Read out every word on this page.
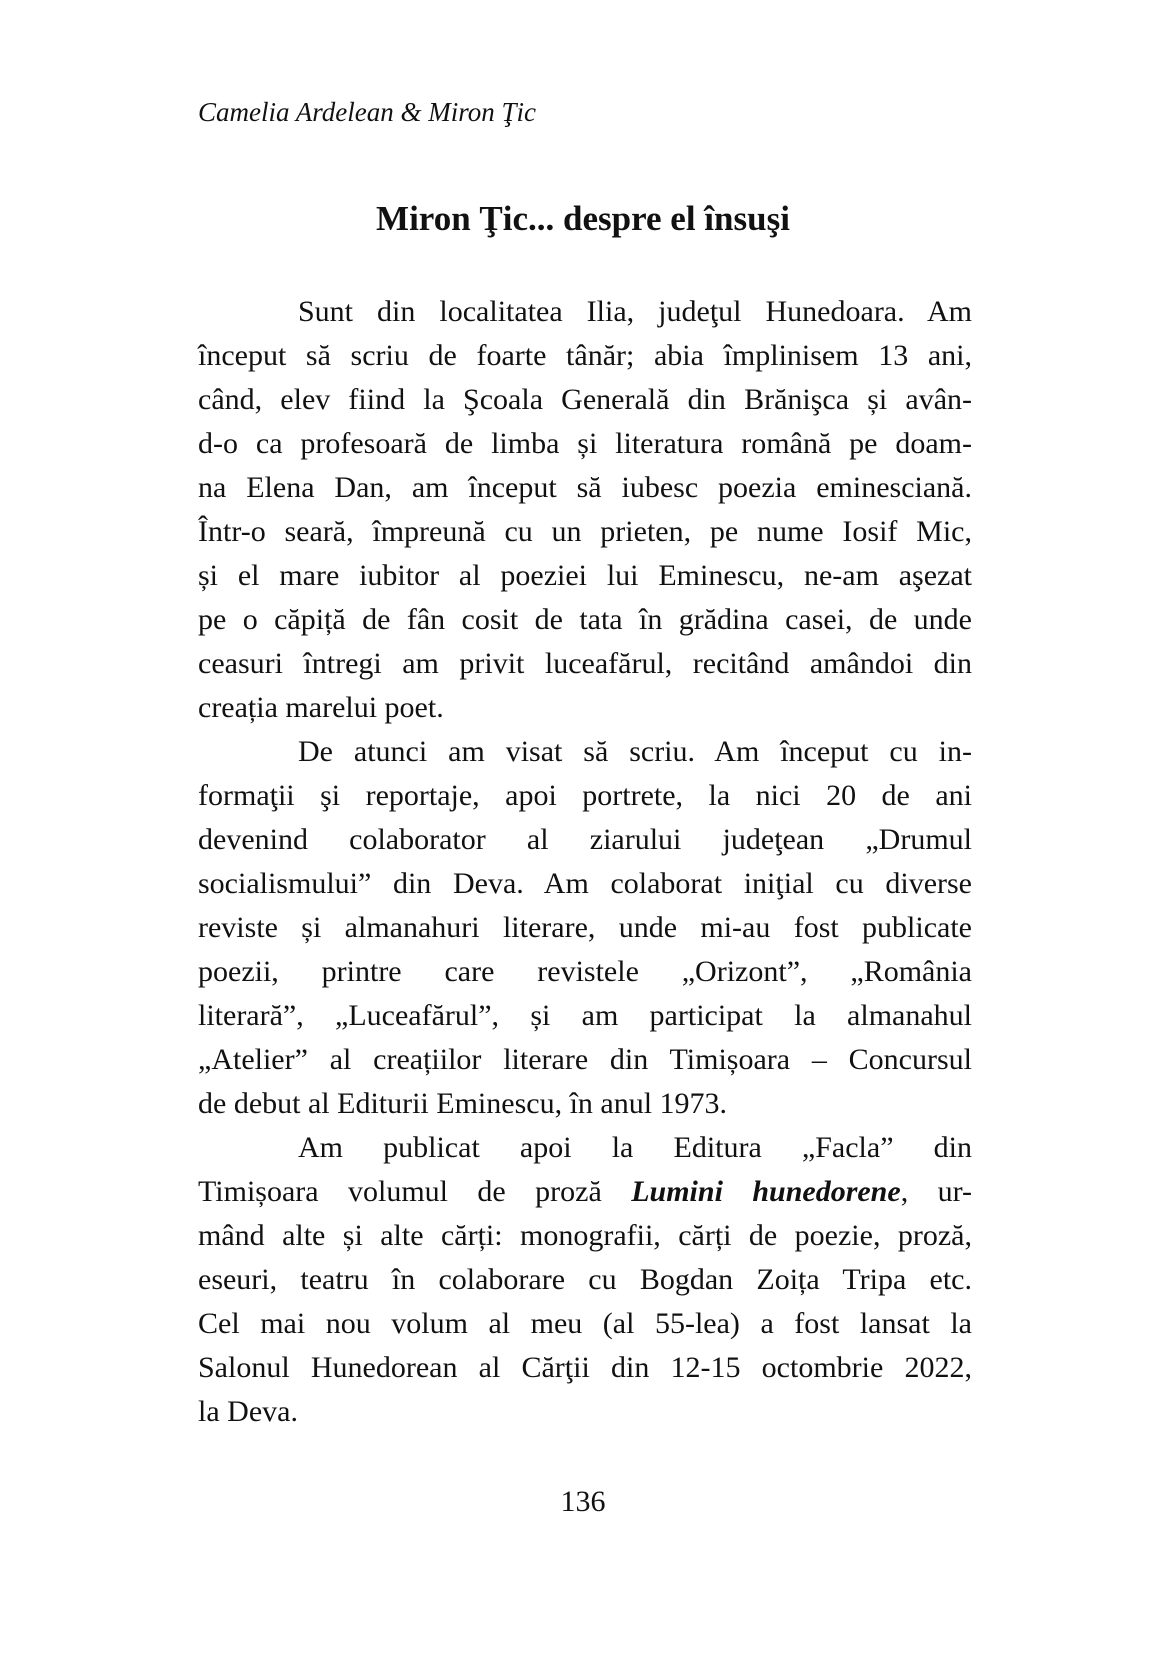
Camelia Ardelean & Miron Ţic
Miron Ţic... despre el însuşi
Sunt din localitatea Ilia, judeţul Hunedoara. Am
început să scriu de foarte tânăr; abia împlinisem 13 ani,
când, elev fiind la Şcoala Generală din Brănişca și avân-
d-o ca profesoară de limba și literatura română pe doam-
na Elena Dan, am început să iubesc poezia eminesciană.
Într-o seară, împreună cu un prieten, pe nume Iosif Mic,
și el mare iubitor al poeziei lui Eminescu, ne-am aşezat
pe o căpiță de fân cosit de tata în grădina casei, de unde
ceasuri întregi am privit luceafărul, recitând amândoi din
creația marelui poet.
De atunci am visat să scriu. Am început cu in-
formaţii şi reportaje, apoi portrete, la nici 20 de ani
devenind colaborator al ziarului judeţean „Drumul
socialismului” din Deva. Am colaborat iniţial cu diverse
reviste și almanahuri literare, unde mi-au fost publicate
poezii, printre care revistele „Orizont”, „România
literară”, „Luceafărul”, și am participat la almanahul
„Atelier” al creațiilor literare din Timișoara – Concursul
de debut al Editurii Eminescu, în anul 1973.
Am publicat apoi la Editura „Facla” din
Timișoara volumul de proză Lumini hunedorene, ur-
mând alte și alte cărți: monografii, cărți de poezie, proză,
eseuri, teatru în colaborare cu Bogdan Zoița Tripa etc.
Cel mai nou volum al meu (al 55-lea) a fost lansat la
Salonul Hunedorean al Cărţii din 12-15 octombrie 2022,
la Deva.
136
